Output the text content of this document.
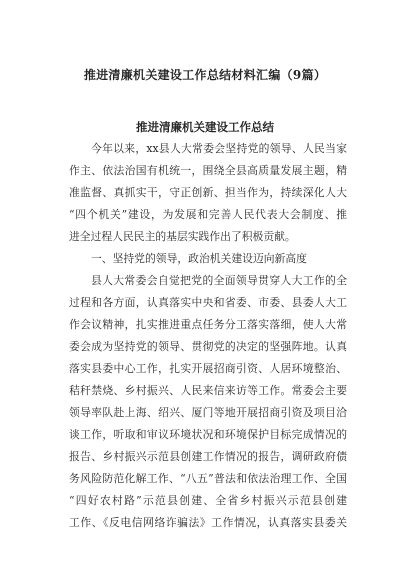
推进清廉机关建设工作总结材料汇编（9篇）
推进清廉机关建设工作总结
今年以来，xx县人大常委会坚持党的领导、人民当家
作主、依法治国有机统一，围绕全县高质量发展主题，精
准监督、真抓实干，守正创新、担当作为，持续深化人大
“四个机关”建设，为发展和完善人民代表大会制度、推
进全过程人民民主的基层实践作出了积极贡献。
一、坚持党的领导，政治机关建设迈向新高度
县人大常委会自觉把党的全面领导贯穿人大工作的全
过程和各方面，认真落实中央和省委、市委、县委人大工
作会议精神，扎实推进重点任务分工落实落细，使人大常
委会成为坚持党的领导、贯彻党的决定的坚强阵地。认真
落实县委中心工作，扎实开展招商引资、人居环境整治、
秸秆禁烧、乡村振兴、人民来信来访等工作。常委会主要
领导率队赴上海、绍兴、厦门等地开展招商引资及项目洽
谈工作，听取和审议环境状况和环境保护目标完成情况的
报告、乡村振兴示范县创建工作情况的报告，调研政府债
务风险防范化解工作、“八五”普法和依法治理工作、全国
“四好农村路”示范县创建、全省乡村振兴示范县创建
工作、《反电信网络诈骗法》工作情况，认真落实县委关
